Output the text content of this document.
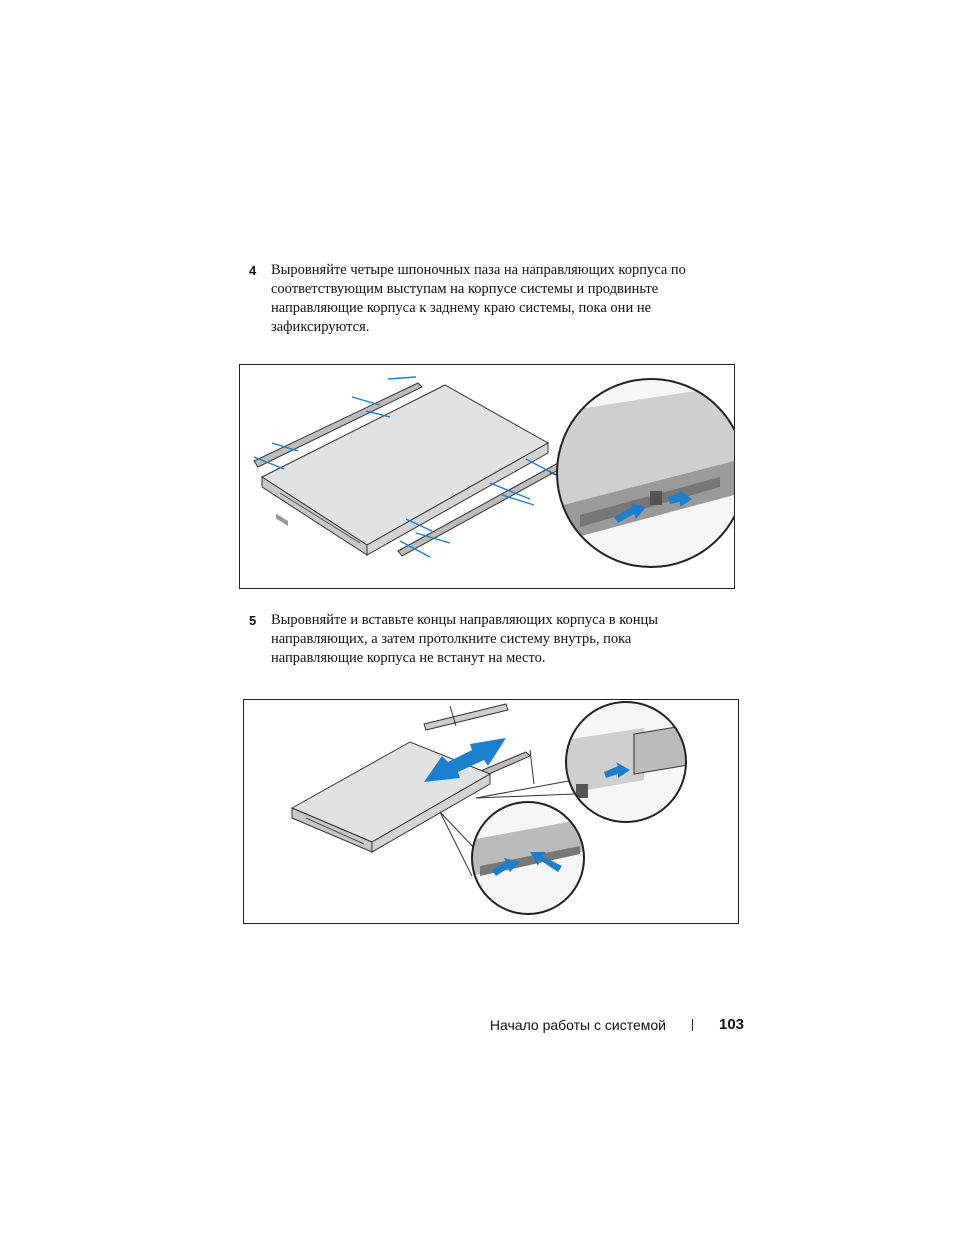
4 Выровняйте четыре шпоночных паза на направляющих корпуса по соответствующим выступам на корпусе системы и продвиньте направляющие корпуса к заднему краю системы, пока они не зафиксируются.
5 Выровняйте и вставьте концы направляющих корпуса в концы направляющих, а затем протолкните систему внутрь, пока направляющие корпуса не встанут на место.
Начало работы с системой	103
